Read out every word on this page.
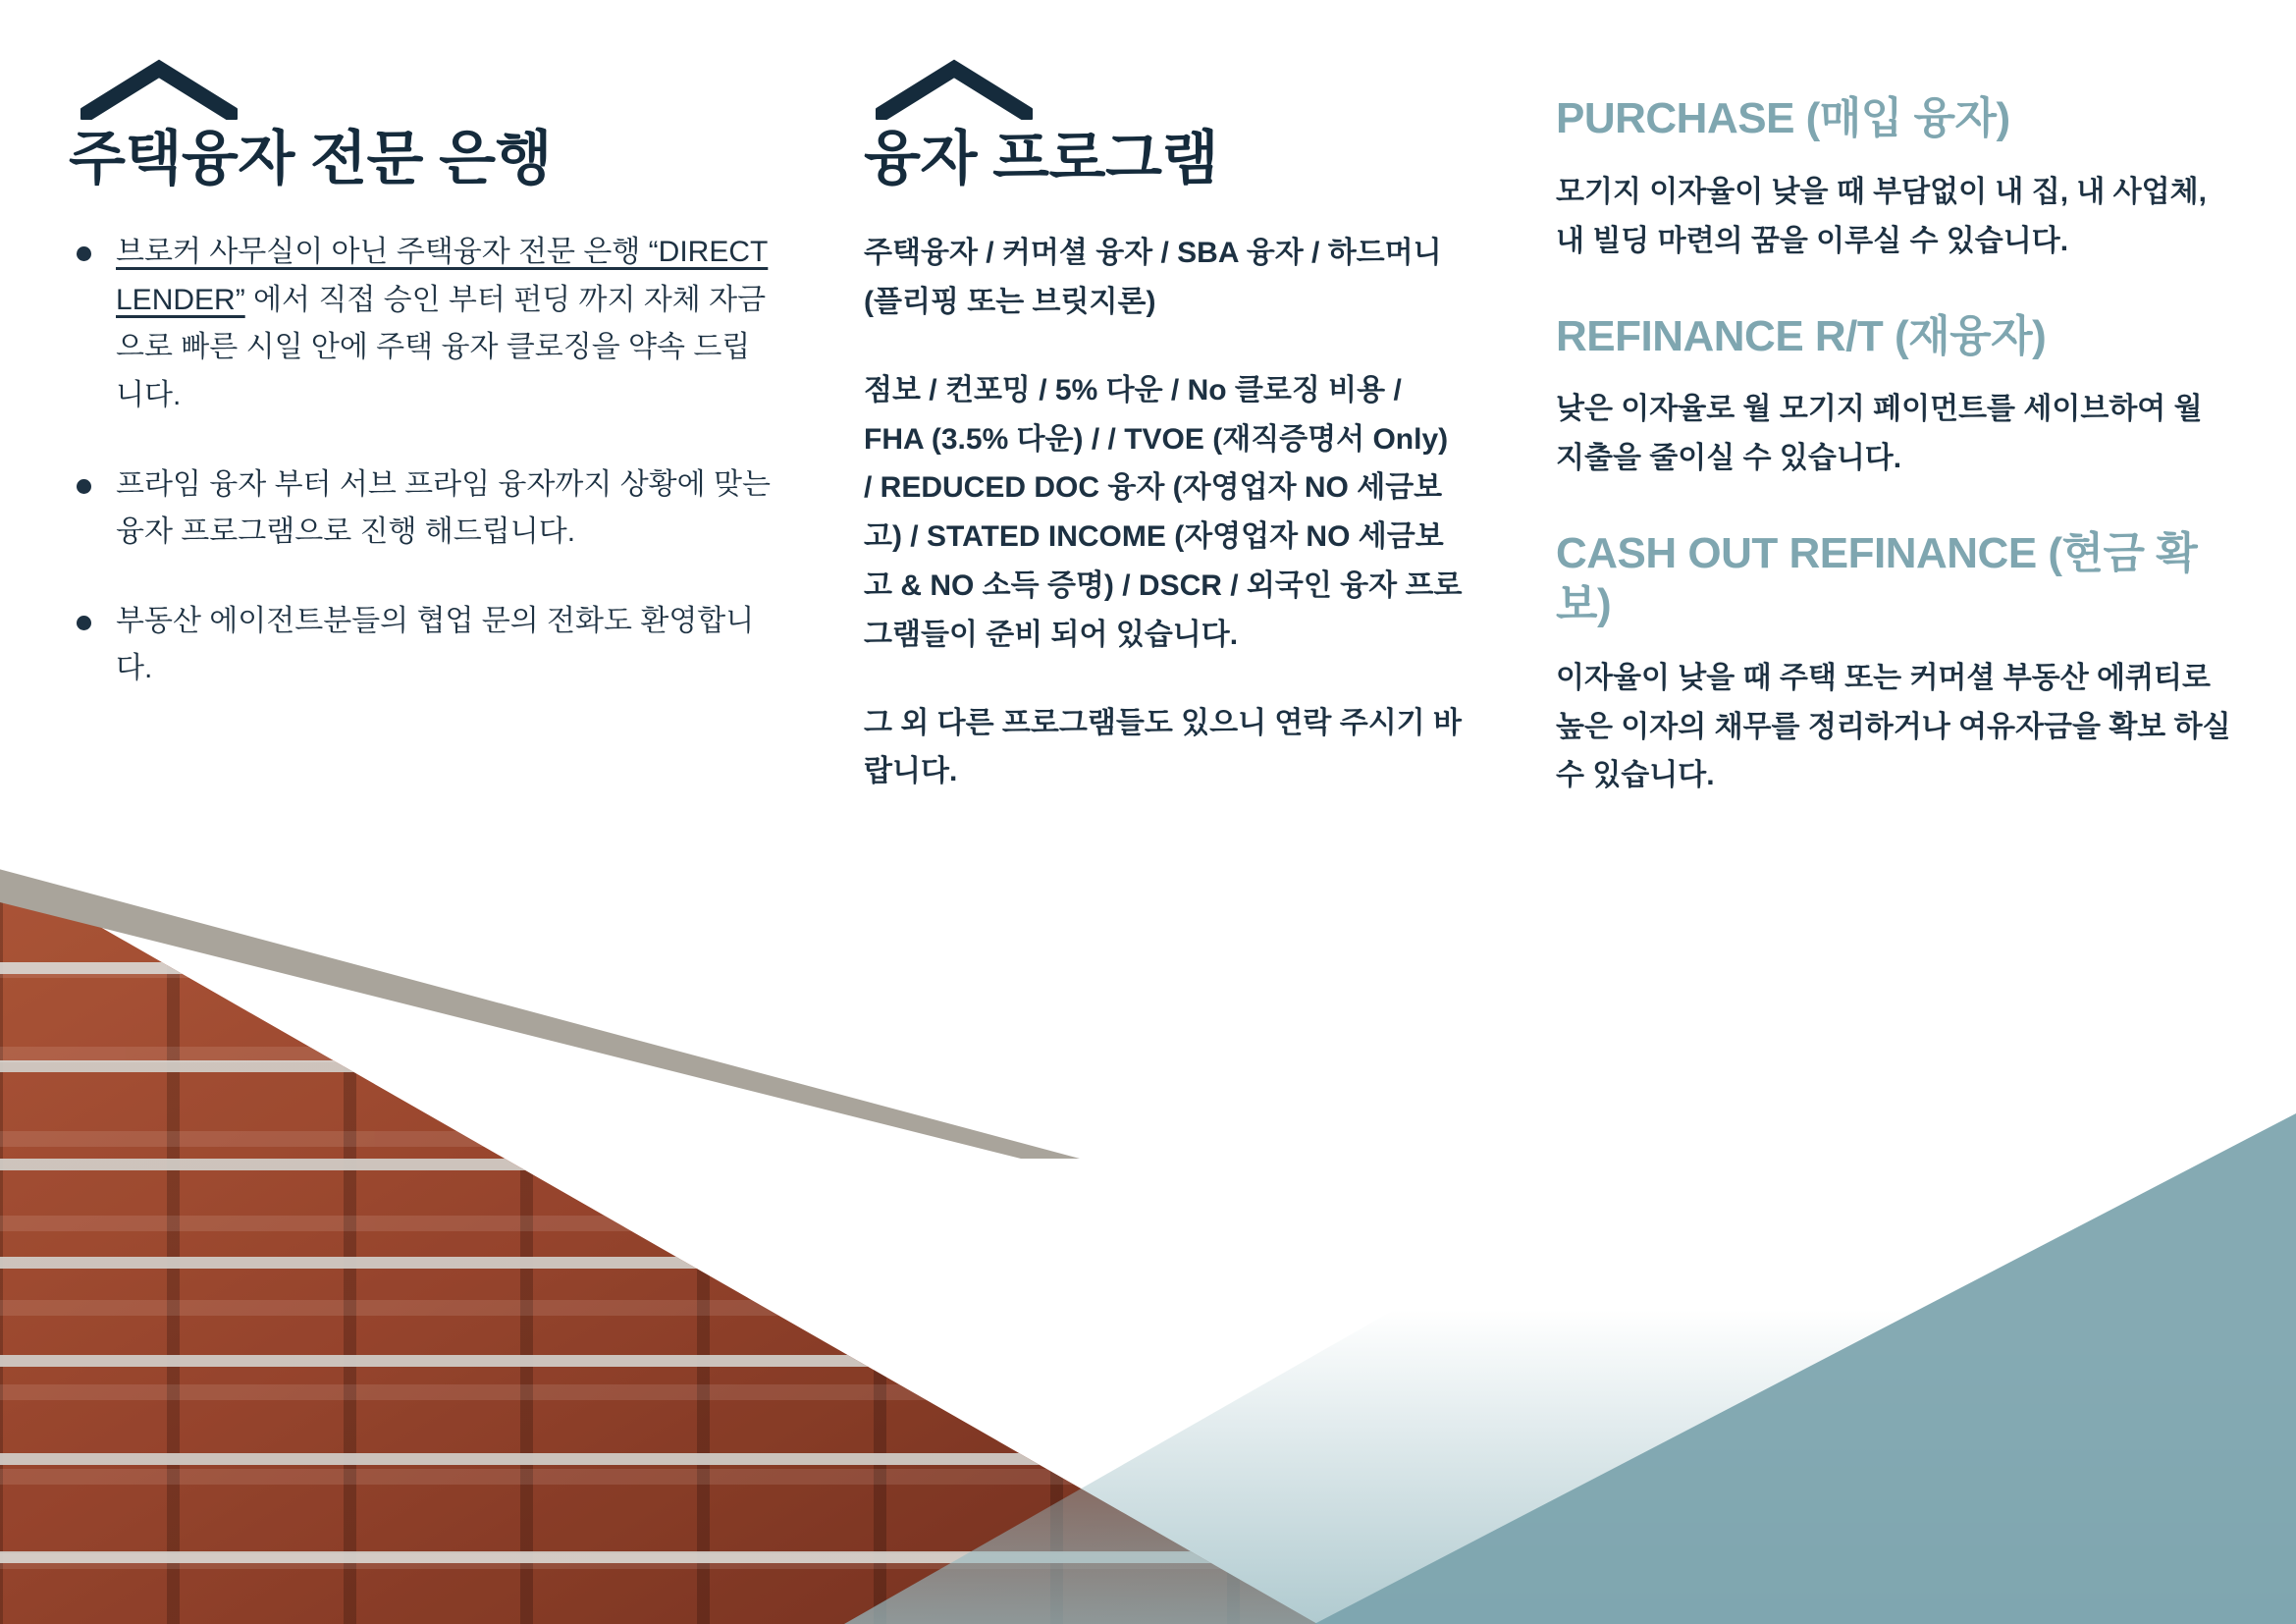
주택융자 전문 은행
브로커 사무실이 아닌 주택융자 전문 은행 “DIRECT LENDER” 에서 직접 승인 부터 펀딩 까지 자체 자금으로 빠른 시일 안에 주택 융자 클로징을 약속 드립니다.
프라임 융자 부터 서브 프라임 융자까지 상황에 맞는 융자 프로그램으로 진행 해드립니다.
부동산 에이전트분들의 협업 문의 전화도 환영합니다.
융자 프로그램

주택융자 / 커머셜 융자 / SBA 융자 / 하드머니 (플리핑 또는 브릿지론)

점보 / 컨포밍 / 5% 다운 / No 클로징 비용 / FHA (3.5% 다운) / / TVOE (재직증명서 Only) / REDUCED DOC 융자 (자영업자 NO 세금보고) / STATED INCOME (자영업자 NO 세금보고 & NO 소득 증명) / DSCR / 외국인 융자 프로그램들이 준비 되어 있습니다.

그 외 다른 프로그램들도 있으니 연락 주시기 바랍니다.

PURCHASE (매입 융자)

모기지 이자율이 낮을 때 부담없이 내 집, 내 사업체, 내 빌딩 마련의 꿈을 이루실 수 있습니다.

REFINANCE R/T (재융자)

낮은 이자율로 월 모기지 페이먼트를 세이브하여 월 지출을 줄이실 수 있습니다.

CASH OUT REFINANCE (현금 확보)

이자율이 낮을 때 주택 또는 커머셜 부동산 에퀴티로 높은 이자의 채무를 정리하거나 여유자금을 확보 하실 수 있습니다.
